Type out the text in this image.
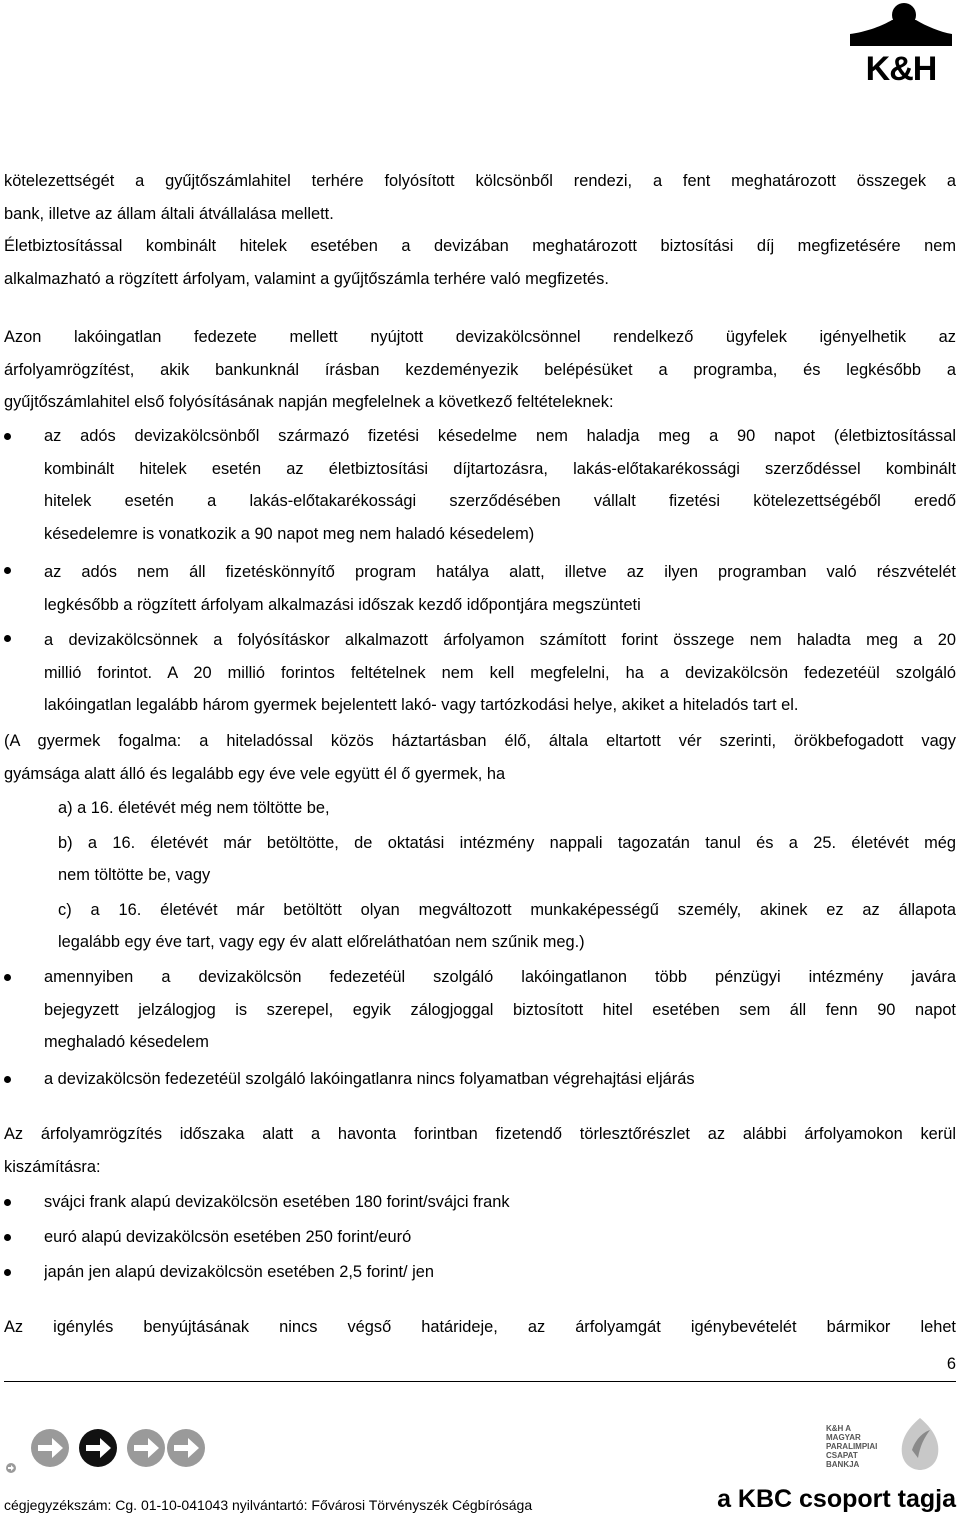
K&H
kötelezettségét a gyűjtőszámlahitel terhére folyósított kölcsönből rendezi, a fent meghatározott összegek a
bank, illetve az állam általi átvállalása mellett.
Életbiztosítással kombinált hitelek esetében a devizában meghatározott biztosítási díj megfizetésére nem
alkalmazható a rögzített árfolyam, valamint a gyűjtőszámla terhére való megfizetés.
Azon lakóingatlan fedezete mellett nyújtott devizakölcsönnel rendelkező ügyfelek igényelhetik az
árfolyamrögzítést, akik bankunknál írásban kezdeményezik belépésüket a programba, és legkésőbb a
gyűjtőszámlahitel első folyósításának napján megfelelnek a következő feltételeknek:
az adós devizakölcsönből származó fizetési késedelme nem haladja meg a 90 napot (életbiztosítással
kombinált hitelek esetén az életbiztosítási díjtartozásra, lakás-előtakarékossági szerződéssel kombinált
hitelek esetén a lakás-előtakarékossági szerződésében vállalt fizetési kötelezettségéből eredő
késedelemre is vonatkozik a 90 napot meg nem haladó késedelem)
az adós nem áll fizetéskönnyítő program hatálya alatt, illetve az ilyen programban való részvételét
legkésőbb a rögzített árfolyam alkalmazási időszak kezdő időpontjára megszünteti
a devizakölcsönnek a folyósításkor alkalmazott árfolyamon számított forint összege nem haladta meg a 20
millió forintot. A 20 millió forintos feltételnek nem kell megfelelni, ha a devizakölcsön fedezetéül szolgáló
lakóingatlan legalább három gyermek bejelentett lakó- vagy tartózkodási helye, akiket a hiteladós tart el.
(A gyermek fogalma: a hiteladóssal közös háztartásban élő, általa eltartott vér szerinti, örökbefogadott vagy
gyámsága alatt álló és legalább egy éve vele együtt él ő gyermek, ha
a) a 16. életévét még nem töltötte be,
b) a 16. életévét már betöltötte, de oktatási intézmény nappali tagozatán tanul és a 25. életévét még
nem töltötte be, vagy
c) a 16. életévét már betöltött olyan megváltozott munkaképességű személy, akinek ez az állapota
legalább egy éve tart, vagy egy év alatt előreláthatóan nem szűnik meg.)
amennyiben a devizakölcsön fedezetéül szolgáló lakóingatlanon több pénzügyi intézmény javára
bejegyzett jelzálogjog is szerepel, egyik zálogjoggal biztosított hitel esetében sem áll fenn 90 napot
meghaladó késedelem
a devizakölcsön fedezetéül szolgáló lakóingatlanra nincs folyamatban végrehajtási eljárás
Az árfolyamrögzítés időszaka alatt a havonta forintban fizetendő törlesztőrészlet az alábbi árfolyamokon kerül
kiszámításra:
svájci frank alapú devizakölcsön esetében 180 forint/svájci frank
euró alapú devizakölcsön esetében 250 forint/euró
japán jen alapú devizakölcsön esetében 2,5 forint/ jen
Az igénylés benyújtásának nincs végső határideje, az árfolyamgát igénybevételét bármikor lehet
6
cégjegyzékszám: Cg. 01-10-041043 nyilvántartó: Fővárosi Törvényszék Cégbírósága
K&H A MAGYAR PARALIMPIAI CSAPAT BANKJA
a KBC csoport tagja
